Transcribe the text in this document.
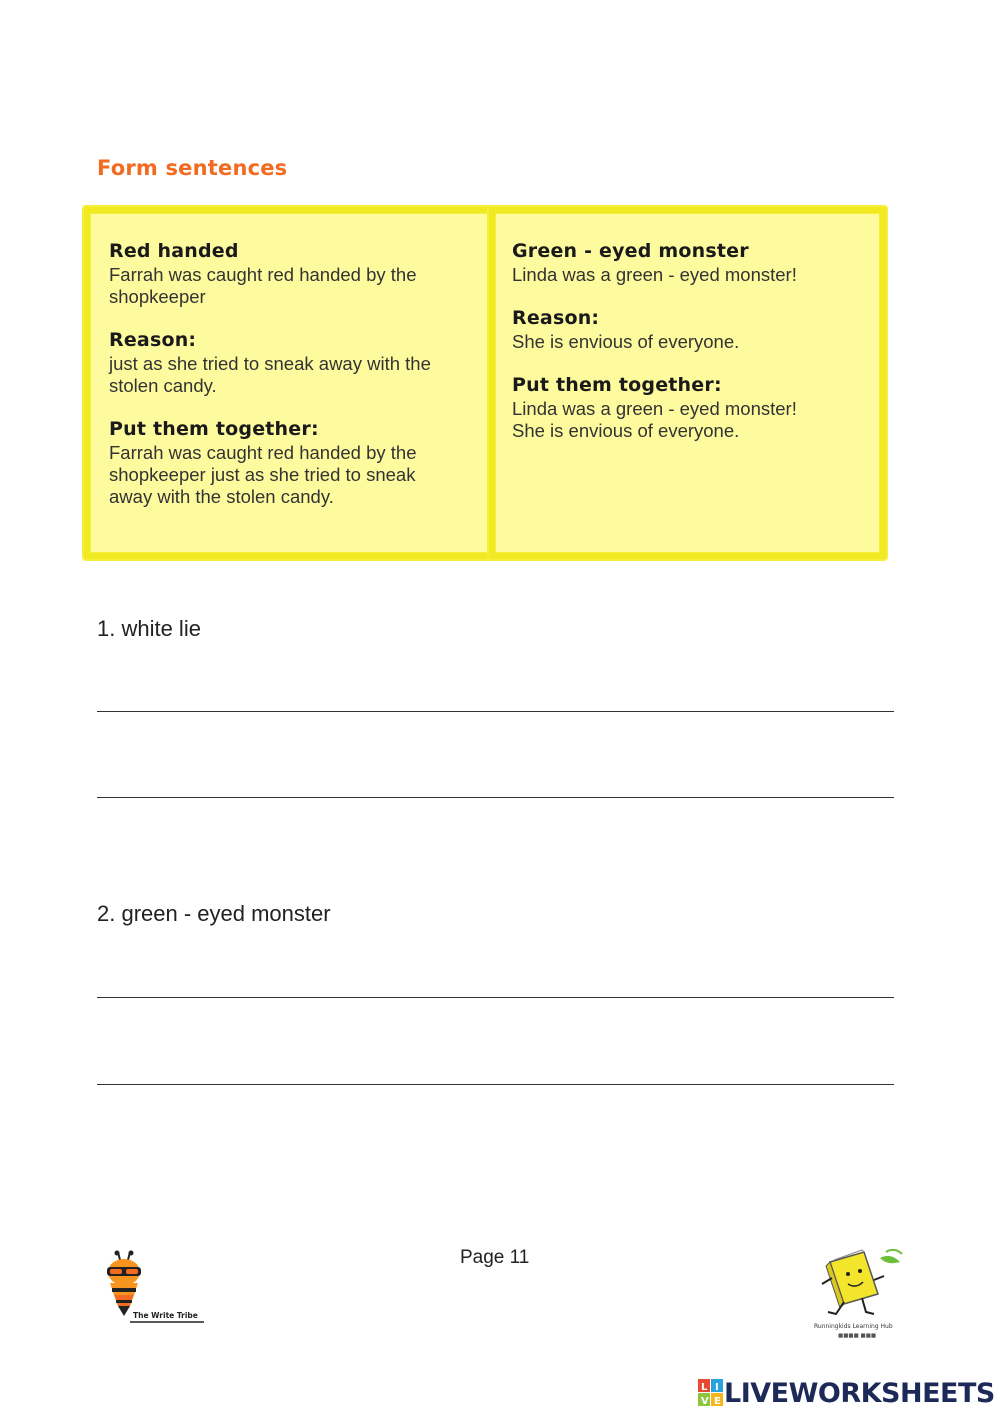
Form sentences
Red handed
Farrah was caught red handed by the
shopkeeper
Reason:
just as she tried to sneak away with the
stolen candy.
Put them together:
Farrah was caught red handed by the
shopkeeper just as she tried to sneak
away with the stolen candy.
Green - eyed monster
Linda was a green - eyed monster!
Reason:
She is envious of everyone.
Put them together:
Linda was a green - eyed monster!
She is envious of everyone.
1. white lie
2. green - eyed monster
Page 11
The Write Tribe
Runningkids Learning Hub
■■■■ ■■■
L I
V E LIVEWORKSHEETS
